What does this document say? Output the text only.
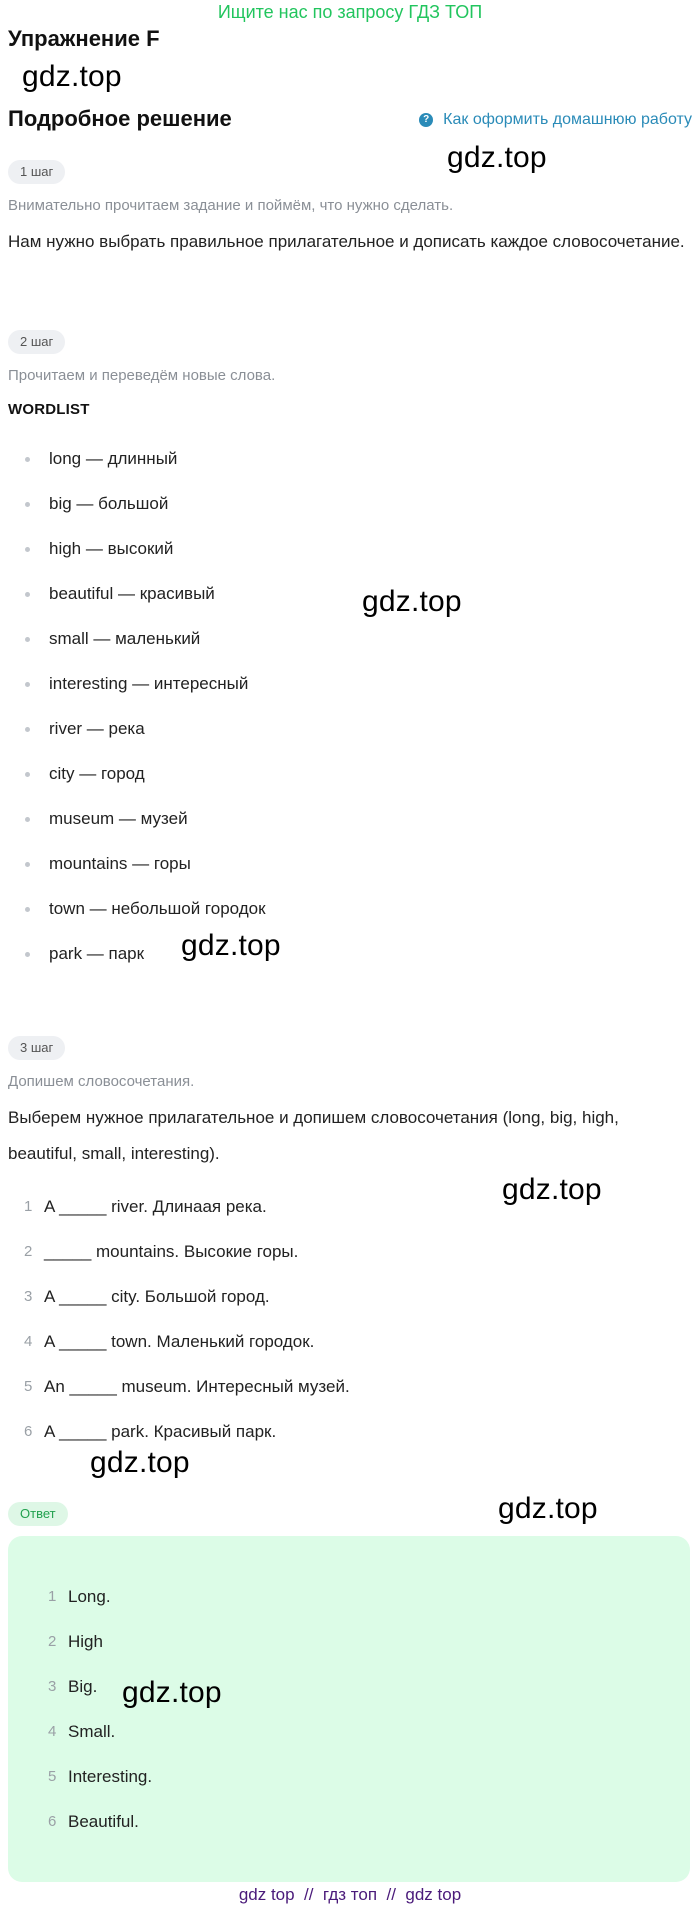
Ищите нас по запросу ГДЗ ТОП
Упражнение F
gdz.top
Подробное решение	? Как оформить домашнюю работу
gdz.top
1 шаг
Внимательно прочитаем задание и поймём, что нужно сделать.
Нам нужно выбрать правильное прилагательное и дописать каждое словосочетание.
2 шаг
Прочитаем и переведём новые слова.
WORDLIST
long — длинный
big — большой
high — высокий
beautiful — красивый
small — маленький
interesting — интересный
river — река
city — город
museum — музей
mountains — горы
town — небольшой городок
park — парк
gdz.top
gdz.top
3 шаг
Допишем словосочетания.
Выберем нужное прилагательное и допишем словосочетания (long, big, high, beautiful, small, interesting).
gdz.top
1 A _____ river. Длинаая река.
2 _____ mountains. Высокие горы.
3 A _____ city. Большой город.
4 A _____ town. Маленький городок.
5 An _____ museum. Интересный музей.
6 A _____ park. Красивый парк.
gdz.top
gdz.top
Ответ
1 Long.
2 High
3 Big.
4 Small.
5 Interesting.
6 Beautiful.
gdz.top
gdz top  //  гдз топ  //  gdz top
